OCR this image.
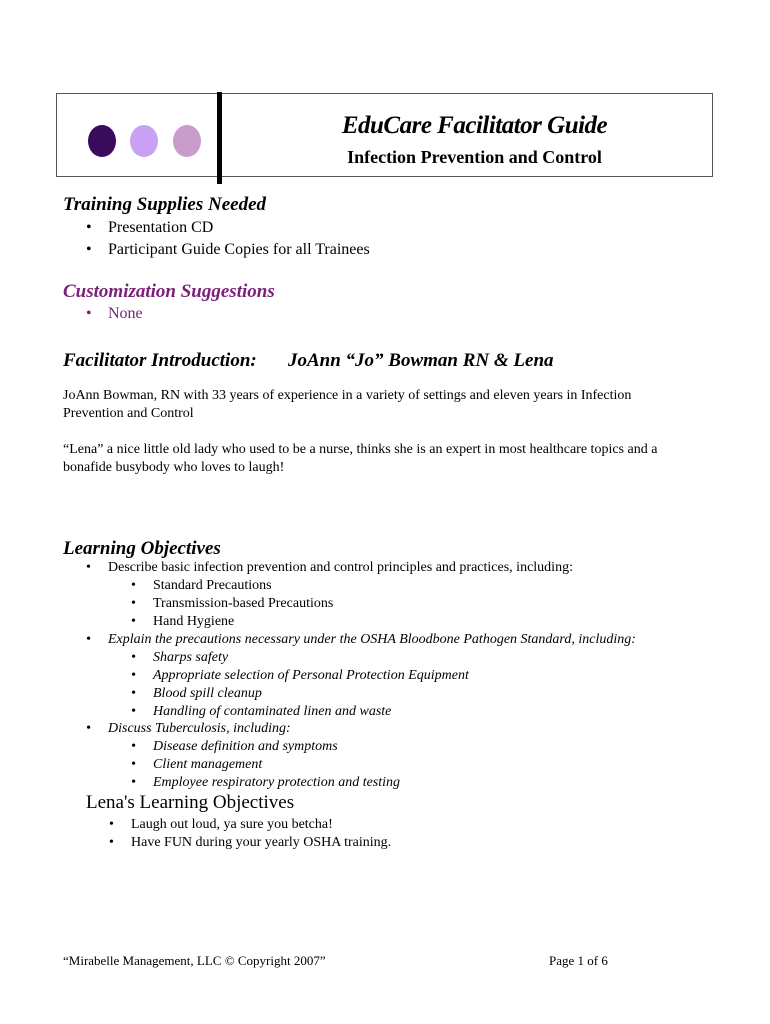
EduCare Facilitator Guide
Infection Prevention and Control
Training Supplies Needed
• Presentation CD
• Participant Guide Copies for all Trainees
Customization Suggestions
• None
Facilitator Introduction: JoAnn “Jo” Bowman RN & Lena
JoAnn Bowman, RN with 33 years of experience in a variety of settings and eleven years in Infection
Prevention and Control
“Lena” a nice little old lady who used to be a nurse, thinks she is an expert in most healthcare topics and a
bonafide busybody who loves to laugh!
Learning Objectives
• Describe basic infection prevention and control principles and practices, including:
• Standard Precautions
• Transmission-based Precautions
• Hand Hygiene
• Explain the precautions necessary under the OSHA Bloodbone Pathogen Standard, including:
• Sharps safety
• Appropriate selection of Personal Protection Equipment
• Blood spill cleanup
• Handling of contaminated linen and waste
• Discuss Tuberculosis, including:
• Disease definition and symptoms
• Client management
• Employee respiratory protection and testing
Lena's Learning Objectives
• Laugh out loud, ya sure you betcha!
• Have FUN during your yearly OSHA training.
“Mirabelle Management, LLC © Copyright 2007”	Page 1 of 6
